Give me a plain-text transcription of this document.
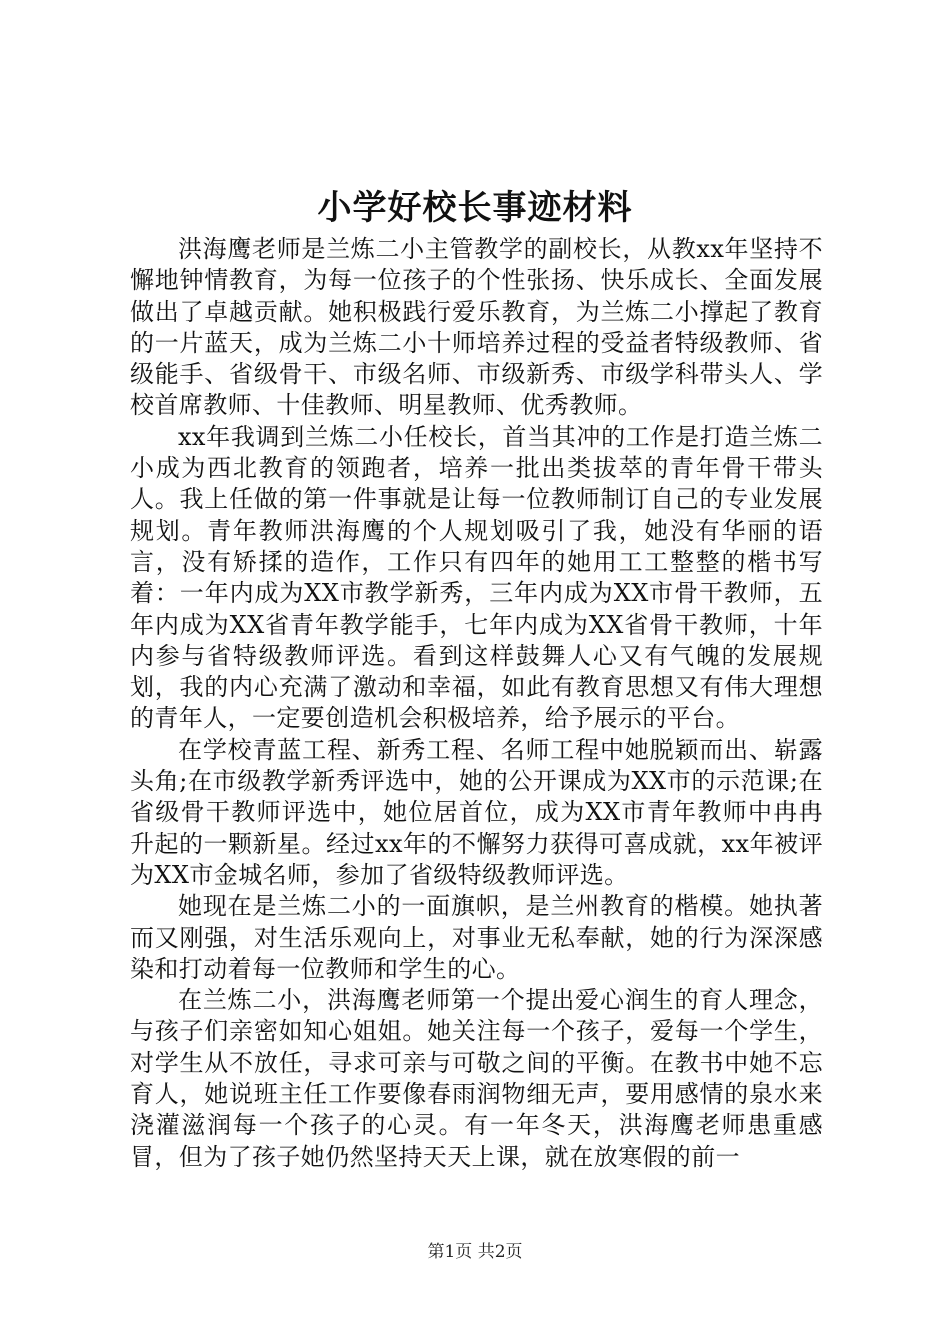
小学好校长事迹材料

洪海鹰老师是兰炼二小主管教学的副校长，从教xx年坚持不懈地钟情教育，为每一位孩子的个性张扬、快乐成长、全面发展做出了卓越贡献。她积极践行爱乐教育，为兰炼二小撑起了教育的一片蓝天，成为兰炼二小十师培养过程的受益者特级教师、省级能手、省级骨干、市级名师、市级新秀、市级学科带头人、学校首席教师、十佳教师、明星教师、优秀教师。

xx年我调到兰炼二小任校长，首当其冲的工作是打造兰炼二小成为西北教育的领跑者，培养一批出类拔萃的青年骨干带头人。我上任做的第一件事就是让每一位教师制订自己的专业发展规划。青年教师洪海鹰的个人规划吸引了我，她没有华丽的语言，没有矫揉的造作，工作只有四年的她用工工整整的楷书写着：一年内成为XX市教学新秀，三年内成为XX市骨干教师，五年内成为XX省青年教学能手，七年内成为XX省骨干教师，十年内参与省特级教师评选。看到这样鼓舞人心又有气魄的发展规划，我的内心充满了激动和幸福，如此有教育思想又有伟大理想的青年人，一定要创造机会积极培养，给予展示的平台。

在学校青蓝工程、新秀工程、名师工程中她脱颖而出、崭露头角;在市级教学新秀评选中，她的公开课成为XX市的示范课;在省级骨干教师评选中，她位居首位，成为XX市青年教师中冉冉升起的一颗新星。经过xx年的不懈努力获得可喜成就，xx年被评为XX市金城名师，参加了省级特级教师评选。

她现在是兰炼二小的一面旗帜，是兰州教育的楷模。她执著而又刚强，对生活乐观向上，对事业无私奉献，她的行为深深感染和打动着每一位教师和学生的心。

在兰炼二小，洪海鹰老师第一个提出爱心润生的育人理念，与孩子们亲密如知心姐姐。她关注每一个孩子，爱每一个学生，对学生从不放任，寻求可亲与可敬之间的平衡。在教书中她不忘育人，她说班主任工作要像春雨润物细无声，要用感情的泉水来浇灌滋润每一个孩子的心灵。有一年冬天，洪海鹰老师患重感冒，但为了孩子她仍然坚持天天上课，就在放寒假的前一

第1页 共2页
